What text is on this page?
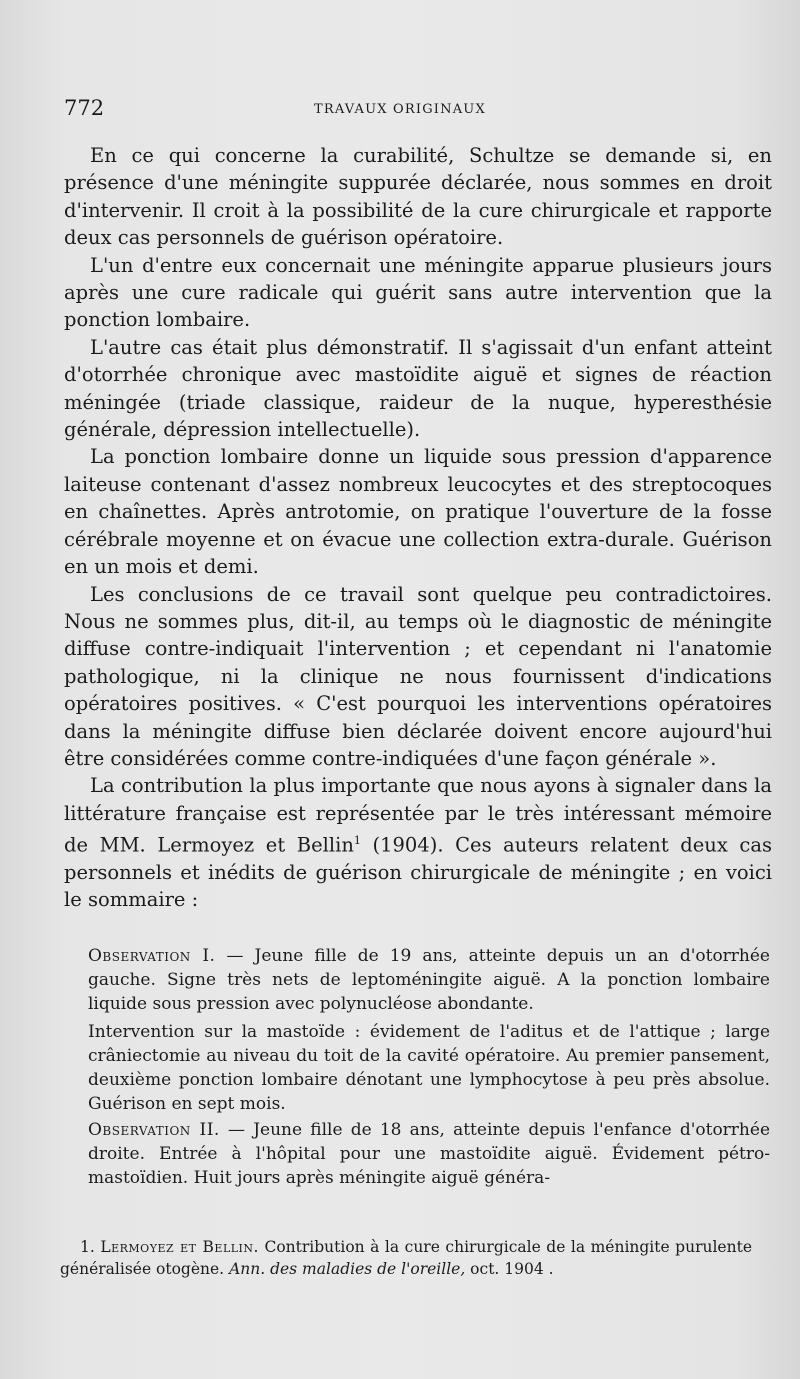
772	TRAVAUX ORIGINAUX

En ce qui concerne la curabilité, Schultze se demande si, en présence d'une méningite suppurée déclarée, nous sommes en droit d'intervenir. Il croit à la possibilité de la cure chirurgicale et rapporte deux cas personnels de guérison opératoire.

L'un d'entre eux concernait une méningite apparue plusieurs jours après une cure radicale qui guérit sans autre intervention que la ponction lombaire.

L'autre cas était plus démonstratif. Il s'agissait d'un enfant atteint d'otorrhée chronique avec mastoïdite aiguë et signes de réaction méningée (triade classique, raideur de la nuque, hyperesthésie générale, dépression intellectuelle).

La ponction lombaire donne un liquide sous pression d'apparence laiteuse contenant d'assez nombreux leucocytes et des streptocoques en chaînettes. Après antrotomie, on pratique l'ouverture de la fosse cérébrale moyenne et on évacue une collection extra-durale. Guérison en un mois et demi.

Les conclusions de ce travail sont quelque peu contradictoires. Nous ne sommes plus, dit-il, au temps où le diagnostic de méningite diffuse contre-indiquait l'intervention ; et cependant ni l'anatomie pathologique, ni la clinique ne nous fournissent d'indications opératoires positives. « C'est pourquoi les interventions opératoires dans la méningite diffuse bien déclarée doivent encore aujourd'hui être considérées comme contre-indiquées d'une façon générale ».

La contribution la plus importante que nous ayons à signaler dans la littérature française est représentée par le très intéressant mémoire de MM. Lermoyez et Bellin$^1$ (1904). Ces auteurs relatent deux cas personnels et inédits de guérison chirurgicale de méningite ; en voici le sommaire :

Observation I. — Jeune fille de 19 ans, atteinte depuis un an d'otorrhée gauche. Signe très nets de leptoméningite aiguë. A la ponction lombaire liquide sous pression avec polynucléose abondante.

Intervention sur la mastoïde : évidement de l'aditus et de l'attique ; large crâniectomie au niveau du toit de la cavité opératoire. Au premier pansement, deuxième ponction lombaire dénotant une lymphocytose à peu près absolue. Guérison en sept mois.

Observation II. — Jeune fille de 18 ans, atteinte depuis l'enfance d'otorrhée droite. Entrée à l'hôpital pour une mastoïdite aiguë. Évidement pétro-mastoïdien. Huit jours après méningite aiguë généra-

1. Lermoyez et Bellin. Contribution à la cure chirurgicale de la méningite purulente généralisée otogène. Ann. des maladies de l'oreille, oct. 1904 .
